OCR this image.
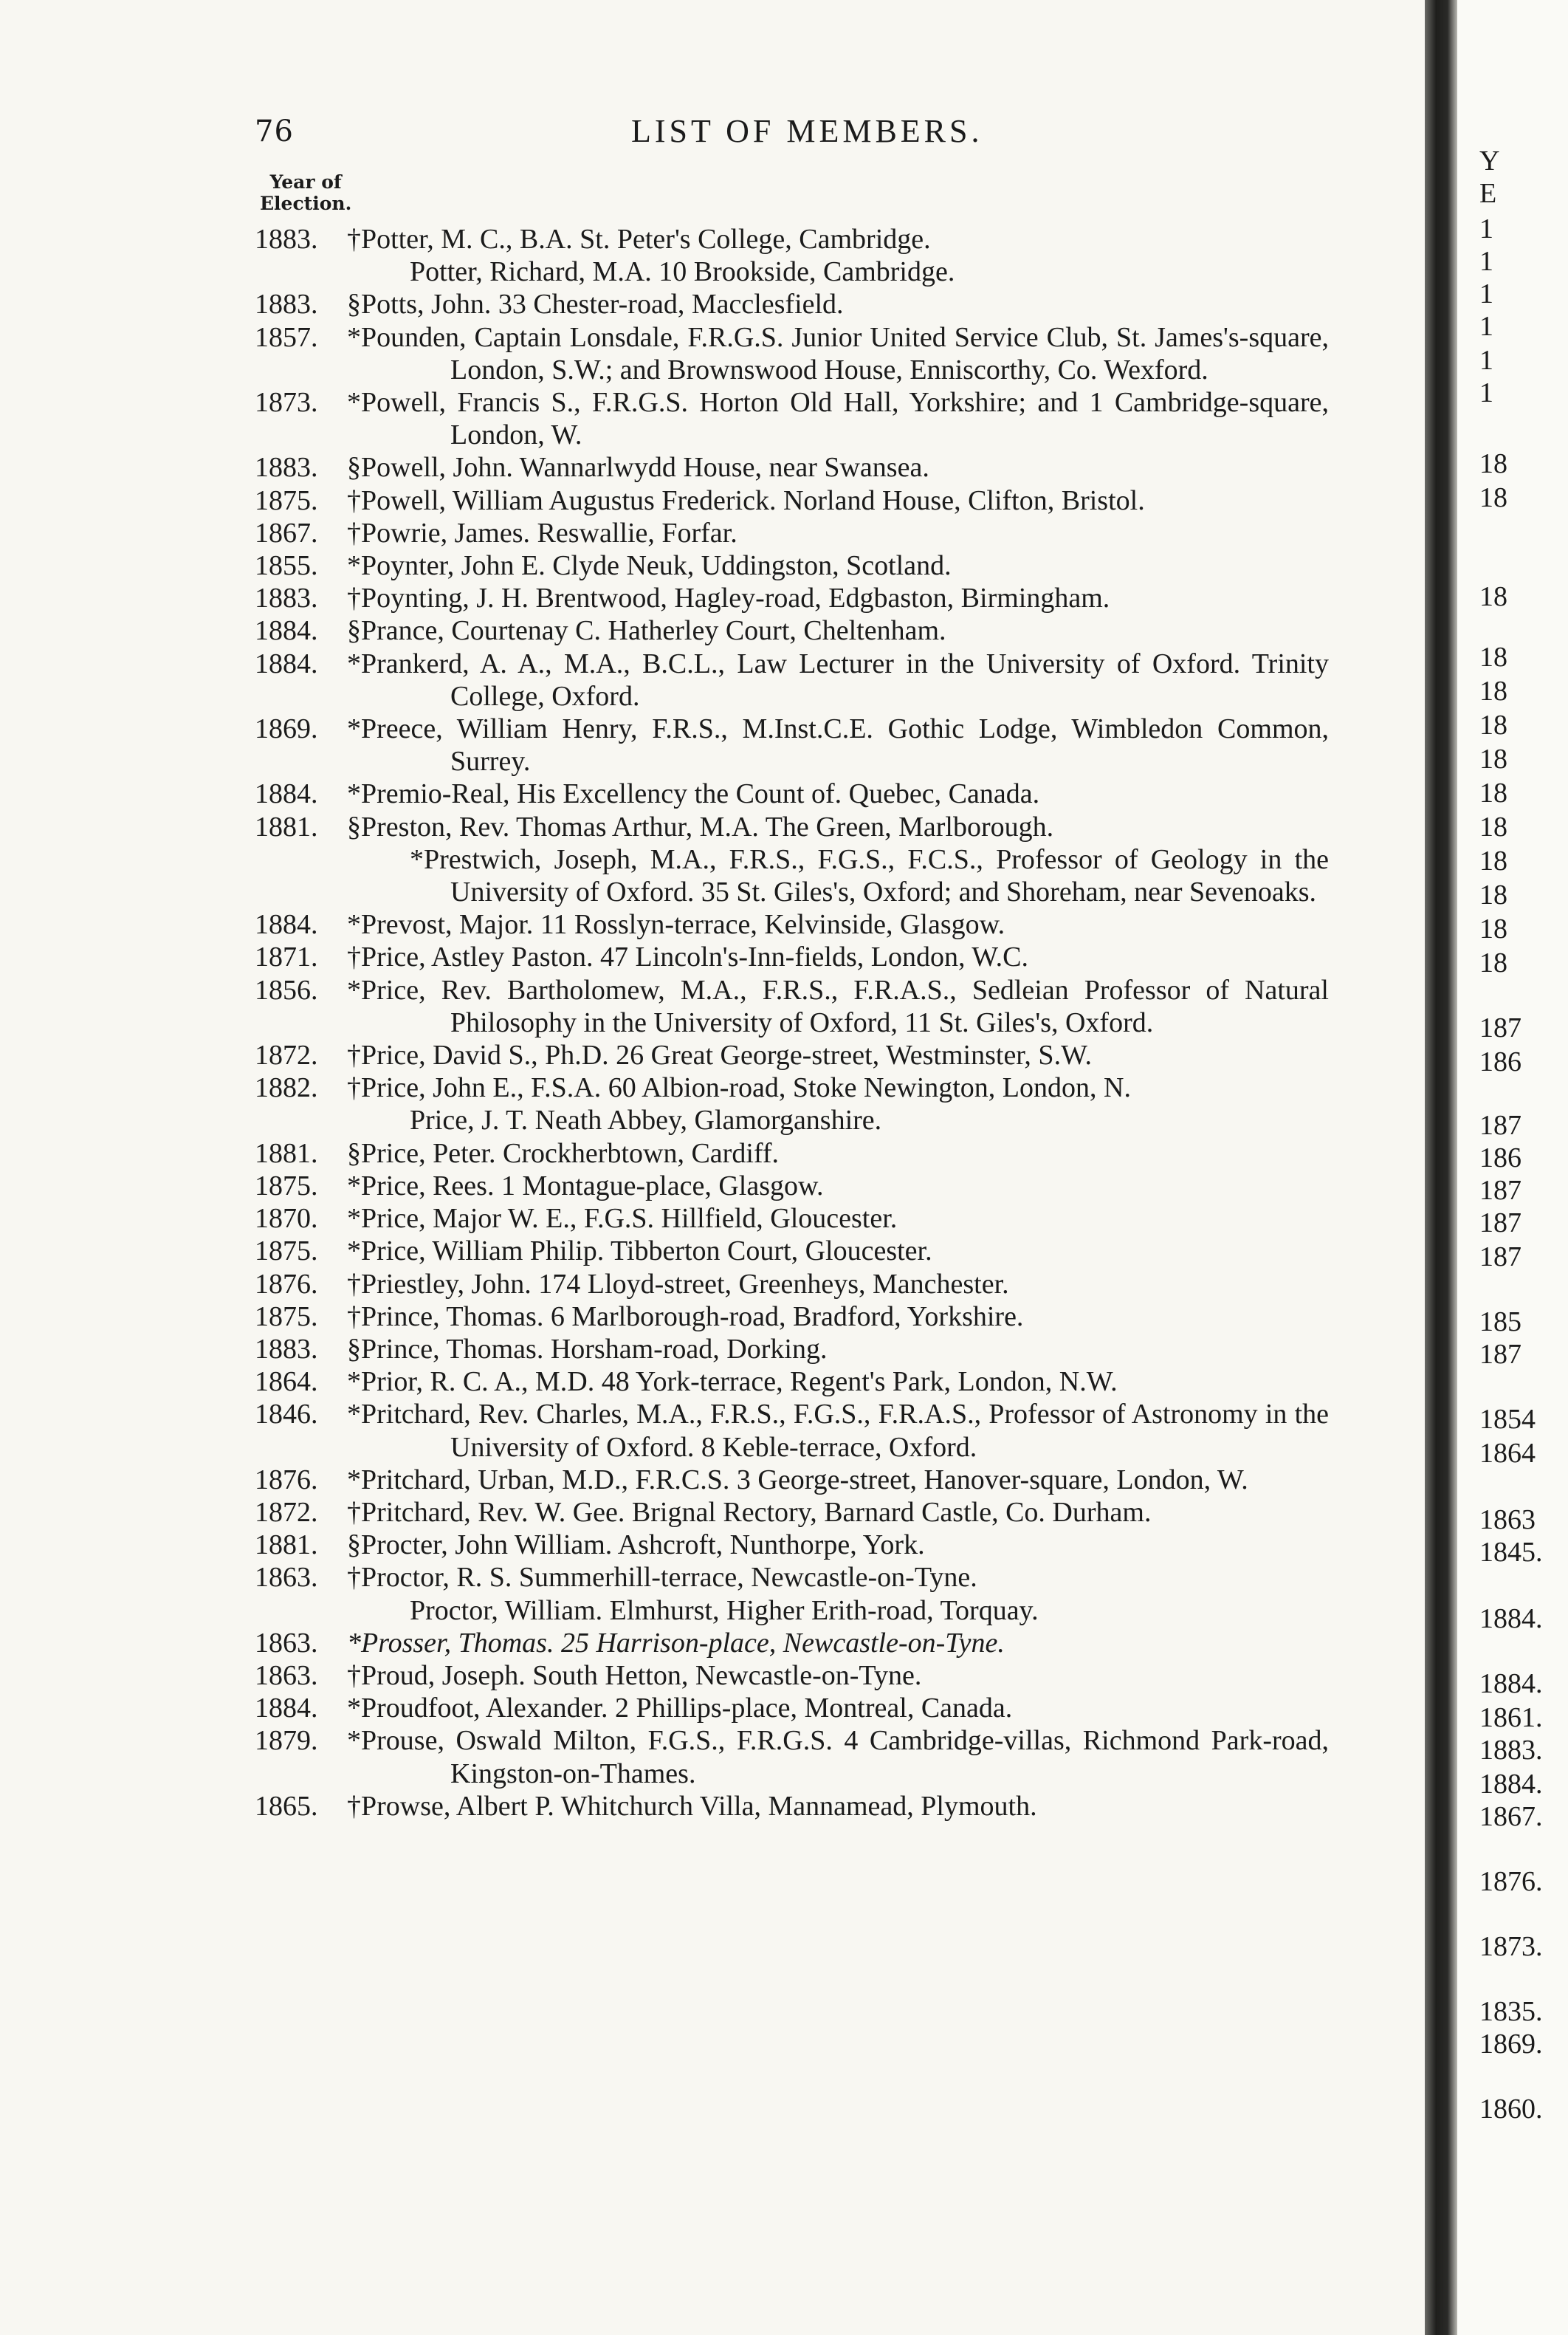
76	LIST OF MEMBERS.
Year of
Election.
1883. †Potter, M. C., B.A. St. Peter's College, Cambridge.
Potter, Richard, M.A. 10 Brookside, Cambridge.
1883. §Potts, John. 33 Chester-road, Macclesfield.
1857. *Pounden, Captain Lonsdale, F.R.G.S. Junior United Service Club, St. James's-square, London, S.W.; and Brownswood House, Enniscorthy, Co. Wexford.
1873. *Powell, Francis S., F.R.G.S. Horton Old Hall, Yorkshire; and 1 Cambridge-square, London, W.
1883. §Powell, John. Wannarlwydd House, near Swansea.
1875. †Powell, William Augustus Frederick. Norland House, Clifton, Bristol.
1867. †Powrie, James. Reswallie, Forfar.
1855. *Poynter, John E. Clyde Neuk, Uddingston, Scotland.
1883. †Poynting, J. H. Brentwood, Hagley-road, Edgbaston, Birmingham.
1884. §Prance, Courtenay C. Hatherley Court, Cheltenham.
1884. *Prankerd, A. A., M.A., B.C.L., Law Lecturer in the University of Oxford. Trinity College, Oxford.
1869. *Preece, William Henry, F.R.S., M.Inst.C.E. Gothic Lodge, Wimbledon Common, Surrey.
1884. *Premio-Real, His Excellency the Count of. Quebec, Canada.
1881. §Preston, Rev. Thomas Arthur, M.A. The Green, Marlborough.
*Prestwich, Joseph, M.A., F.R.S., F.G.S., F.C.S., Professor of Geology in the University of Oxford. 35 St. Giles's, Oxford; and Shoreham, near Sevenoaks.
1884. *Prevost, Major. 11 Rosslyn-terrace, Kelvinside, Glasgow.
1871. †Price, Astley Paston. 47 Lincoln's-Inn-fields, London, W.C.
1856. *Price, Rev. Bartholomew, M.A., F.R.S., F.R.A.S., Sedleian Professor of Natural Philosophy in the University of Oxford, 11 St. Giles's, Oxford.
1872. †Price, David S., Ph.D. 26 Great George-street, Westminster, S.W.
1882. †Price, John E., F.S.A. 60 Albion-road, Stoke Newington, London, N.
Price, J. T. Neath Abbey, Glamorganshire.
1881. §Price, Peter. Crockherbtown, Cardiff.
1875. *Price, Rees. 1 Montague-place, Glasgow.
1870. *Price, Major W. E., F.G.S. Hillfield, Gloucester.
1875. *Price, William Philip. Tibberton Court, Gloucester.
1876. †Priestley, John. 174 Lloyd-street, Greenheys, Manchester.
1875. †Prince, Thomas. 6 Marlborough-road, Bradford, Yorkshire.
1883. §Prince, Thomas. Horsham-road, Dorking.
1864. *Prior, R. C. A., M.D. 48 York-terrace, Regent's Park, London, N.W.
1846. *Pritchard, Rev. Charles, M.A., F.R.S., F.G.S., F.R.A.S., Professor of Astronomy in the University of Oxford. 8 Keble-terrace, Oxford.
1876. *Pritchard, Urban, M.D., F.R.C.S. 3 George-street, Hanover-square, London, W.
1872. †Pritchard, Rev. W. Gee. Brignal Rectory, Barnard Castle, Co. Durham.
1881. §Procter, John William. Ashcroft, Nunthorpe, York.
1863. †Proctor, R. S. Summerhill-terrace, Newcastle-on-Tyne.
Proctor, William. Elmhurst, Higher Erith-road, Torquay.
1863. *Prosser, Thomas. 25 Harrison-place, Newcastle-on-Tyne.
1863. †Proud, Joseph. South Hetton, Newcastle-on-Tyne.
1884. *Proudfoot, Alexander. 2 Phillips-place, Montreal, Canada.
1879. *Prouse, Oswald Milton, F.G.S., F.R.G.S. 4 Cambridge-villas, Richmond Park-road, Kingston-on-Thames.
1865. †Prowse, Albert P. Whitchurch Villa, Mannamead, Plymouth.
Y
E
1
1
1
1
1
1
18
18
18
18
18
18
18
18
18
18
18
18
18
187
186
187
186
187
187
187
185
187
1854
1864
1863
1845.
1884.
1884.
1861.
1883.
1884.
1867.
1876.
1873.
1835.
1869.
1860.
